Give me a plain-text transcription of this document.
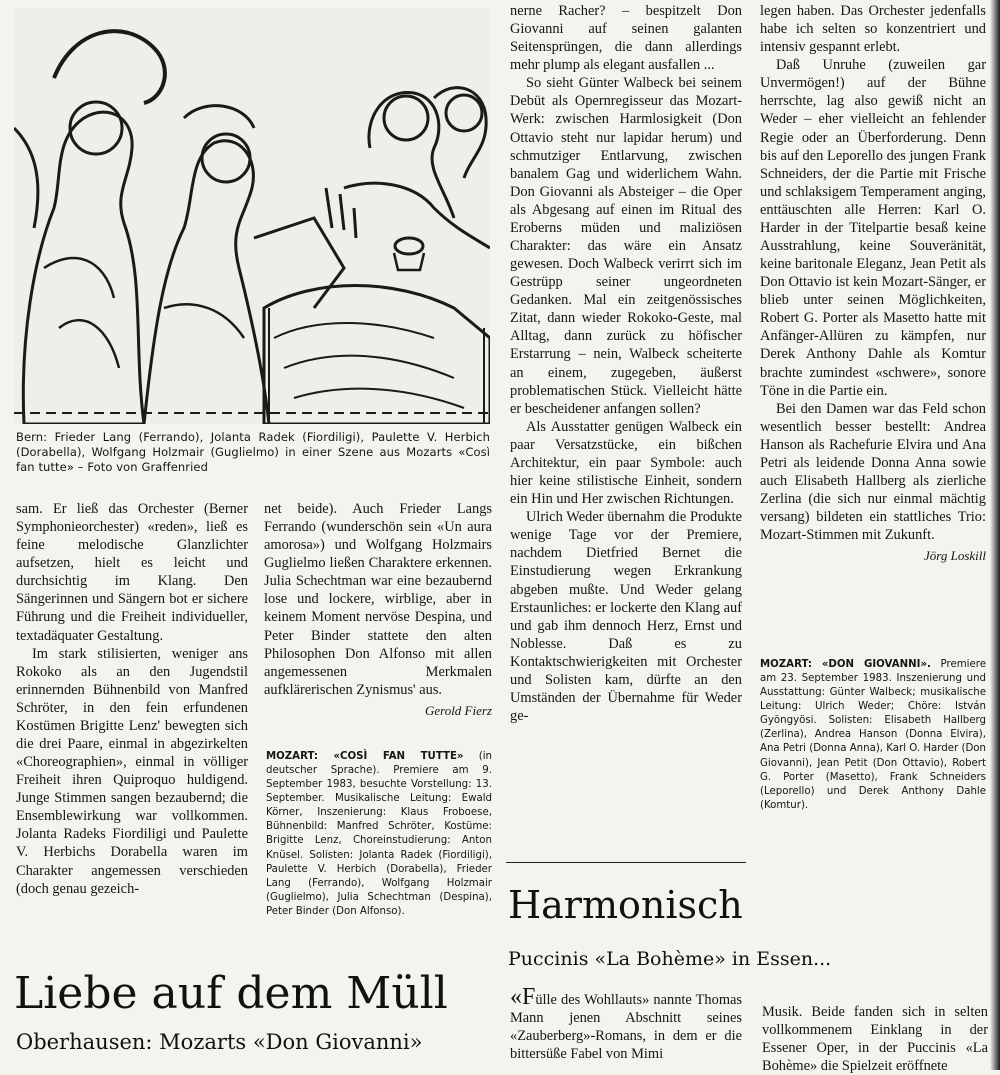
Bern: Frieder Lang (Ferrando), Jolanta Radek (Fiordiligi), Paulette V. Herbich (Dorabella), Wolfgang Holzmair (Guglielmo) in einer Szene aus Mozarts «Così fan tutte» – Foto von Graffenried

sam. Er ließ das Orchester (Berner Symphonieorchester) «reden», ließ es feine melodische Glanzlichter aufsetzen, hielt es leicht und durchsichtig im Klang. Den Sängerinnen und Sängern bot er sichere Führung und die Freiheit individueller, textadäquater Gestaltung.

Im stark stilisierten, weniger ans Rokoko als an den Jugendstil erinnernden Bühnenbild von Manfred Schröter, in den fein erfundenen Kostümen Brigitte Lenz' bewegten sich die drei Paare, einmal in abgezirkelten «Choreographien», einmal in völliger Freiheit ihren Quiproquo huldigend. Junge Stimmen sangen bezaubernd; die Ensemblewirkung war vollkommen. Jolanta Radeks Fiordiligi und Paulette V. Herbichs Dorabella waren im Charakter angemessen verschieden (doch genau gezeich-

net beide). Auch Frieder Langs Ferrando (wunderschön sein «Un aura amorosa») und Wolfgang Holzmairs Guglielmo ließen Charaktere erkennen. Julia Schechtman war eine bezaubernd lose und lockere, wirblige, aber in keinem Moment nervöse Despina, und Peter Binder stattete den alten Philosophen Don Alfonso mit allen angemessenen Merkmalen aufklärerischen Zynismus' aus.

Gerold Fierz
MOZART: «COSÌ FAN TUTTE» (in deutscher Sprache). Premiere am 9. September 1983, besuchte Vorstellung: 13. September. Musikalische Leitung: Ewald Körner, Inszenierung: Klaus Froboese, Bühnenbild: Manfred Schröter, Kostüme: Brigitte Lenz, Choreinstudierung: Anton Knüsel. Solisten: Jolanta Radek (Fiordiligi), Paulette V. Herbich (Dorabella), Frieder Lang (Ferrando), Wolfgang Holzmair (Guglielmo), Julia Schechtman (Despina), Peter Binder (Don Alfonso).

nerne Racher? – bespitzelt Don Giovanni auf seinen galanten Seitensprüngen, die dann allerdings mehr plump als elegant ausfallen ...

So sieht Günter Walbeck bei seinem Debüt als Opernregisseur das Mozart-Werk: zwischen Harmlosigkeit (Don Ottavio steht nur lapidar herum) und schmutziger Entlarvung, zwischen banalem Gag und widerlichem Wahn. Don Giovanni als Absteiger – die Oper als Abgesang auf einen im Ritual des Eroberns müden und maliziösen Charakter: das wäre ein Ansatz gewesen. Doch Walbeck verirrt sich im Gestrüpp seiner ungeordneten Gedanken. Mal ein zeitgenössisches Zitat, dann wieder Rokoko-Geste, mal Alltag, dann zurück zu höfischer Erstarrung – nein, Walbeck scheiterte an einem, zugegeben, äußerst problematischen Stück. Vielleicht hätte er bescheidener anfangen sollen?

Als Ausstatter genügen Walbeck ein paar Versatzstücke, ein bißchen Architektur, ein paar Symbole: auch hier keine stilistische Einheit, sondern ein Hin und Her zwischen Richtungen.

Ulrich Weder übernahm die Produkte wenige Tage vor der Premiere, nachdem Dietfried Bernet die Einstudierung wegen Erkrankung abgeben mußte. Und Weder gelang Erstaunliches: er lockerte den Klang auf und gab ihm dennoch Herz, Ernst und Noblesse. Daß es zu Kontaktschwierigkeiten mit Orchester und Solisten kam, dürfte an den Umständen der Übernahme für Weder ge-

legen haben. Das Orchester jedenfalls habe ich selten so konzentriert und intensiv gespannt erlebt.

Daß Unruhe (zuweilen gar Unvermögen!) auf der Bühne herrschte, lag also gewiß nicht an Weder – eher vielleicht an fehlender Regie oder an Überforderung. Denn bis auf den Leporello des jungen Frank Schneiders, der die Partie mit Frische und schlaksigem Temperament anging, enttäuschten alle Herren: Karl O. Harder in der Titelpartie besaß keine Ausstrahlung, keine Souveränität, keine baritonale Eleganz, Jean Petit als Don Ottavio ist kein Mozart-Sänger, er blieb unter seinen Möglichkeiten, Robert G. Porter als Masetto hatte mit Anfänger-Allüren zu kämpfen, nur Derek Anthony Dahle als Komtur brachte zumindest «schwere», sonore Töne in die Partie ein.

Bei den Damen war das Feld schon wesentlich besser bestellt: Andrea Hanson als Rachefurie Elvira und Ana Petri als leidende Donna Anna sowie auch Elisabeth Hallberg als zierliche Zerlina (die sich nur einmal mächtig versang) bildeten ein stattliches Trio: Mozart-Stimmen mit Zukunft.

Jörg Loskill
MOZART: «DON GIOVANNI». Premiere am 23. September 1983. Inszenierung und Ausstattung: Günter Walbeck; musikalische Leitung: Ulrich Weder; Chöre: István Gyöngyösi. Solisten: Elisabeth Hallberg (Zerlina), Andrea Hanson (Donna Elvira), Ana Petri (Donna Anna), Karl O. Harder (Don Giovanni), Jean Petit (Don Ottavio), Robert G. Porter (Masetto), Frank Schneiders (Leporello) und Derek Anthony Dahle (Komtur).
Liebe auf dem Müll
Oberhausen: Mozarts «Don Giovanni»
Harmonisch
Puccinis «La Bohème» in Essen...

«Fülle des Wohllauts» nannte Thomas Mann jenen Abschnitt seines «Zauberberg»-Romans, in dem er die bittersüße Fabel von Mimi

Musik. Beide fanden sich in selten vollkommenem Einklang in der Essener Oper, in der Puccinis «La Bohème» die Spielzeit eröffnete
